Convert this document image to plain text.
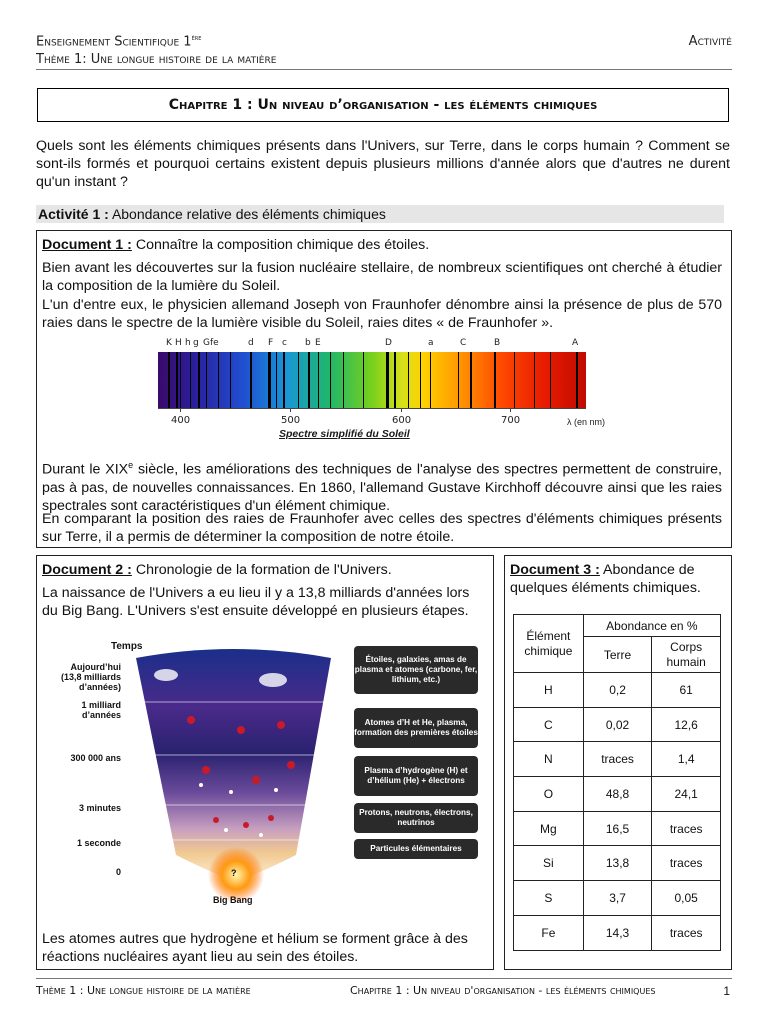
Enseignement Scientifique 1ère
Thème 1: Une longue histoire de la matière
Activité
Chapitre 1 : Un niveau d’organisation - les éléments chimiques
Quels sont les éléments chimiques présents dans l'Univers, sur Terre, dans le corps humain ? Comment se sont-ils formés et pourquoi certains existent depuis plusieurs millions d'année alors que d'autres ne durent qu'un instant ?
Activité 1 : Abondance relative des éléments chimiques
Document 1 : Connaître la composition chimique des étoiles.
Bien avant les découvertes sur la fusion nucléaire stellaire, de nombreux scientifiques ont cherché à étudier la composition de la lumière du Soleil.
L'un d'entre eux, le physicien allemand Joseph von Fraunhofer dénombre ainsi la présence de plus de 570 raies dans le spectre de la lumière visible du Soleil, raies dites « de Fraunhofer ».
K H h g Gfe	d F c b E	D	a	C	B	A
400	500	600	700	λ (en nm)
Spectre simplifié du Soleil
Durant le XIXe siècle, les améliorations des techniques de l'analyse des spectres permettent de construire, pas à pas, de nouvelles connaissances. En 1860, l'allemand Gustave Kirchhoff découvre ainsi que les raies spectrales sont caractéristiques d'un élément chimique.
En comparant la position des raies de Fraunhofer avec celles des spectres d'éléments chimiques présents sur Terre, il a permis de déterminer la composition de notre étoile.
Document 2 : Chronologie de la formation de l'Univers.
La naissance de l'Univers a eu lieu il y a 13,8 milliards d'années lors du Big Bang. L'Univers s'est ensuite développé en plusieurs étapes.
Temps
Aujourd’hui (13,8 milliards d’années)
1 milliard d’années
300 000 ans
3 minutes
1 seconde
0
Big Bang
?
Étoiles, galaxies, amas de plasma et atomes (carbone, fer, lithium, etc.)
Atomes d’H et He, plasma, formation des premières étoiles
Plasma d’hydrogène (H) et d’hélium (He) + électrons
Protons, neutrons, électrons, neutrinos
Particules élémentaires
Les atomes autres que hydrogène et hélium se forment grâce à des réactions nucléaires ayant lieu au sein des étoiles.
Document 3 : Abondance de quelques éléments chimiques.
Élément chimique	Abondance en %	
	Terre	Corps humain
H	0,2	61
C	0,02	12,6
N	traces	1,4
O	48,8	24,1
Mg	16,5	traces
Si	13,8	traces
S	3,7	0,05
Fe	14,3	traces
Thème 1 : Une longue histoire de la matière	Chapitre 1 : Un niveau d'organisation - les éléments chimiques	1
